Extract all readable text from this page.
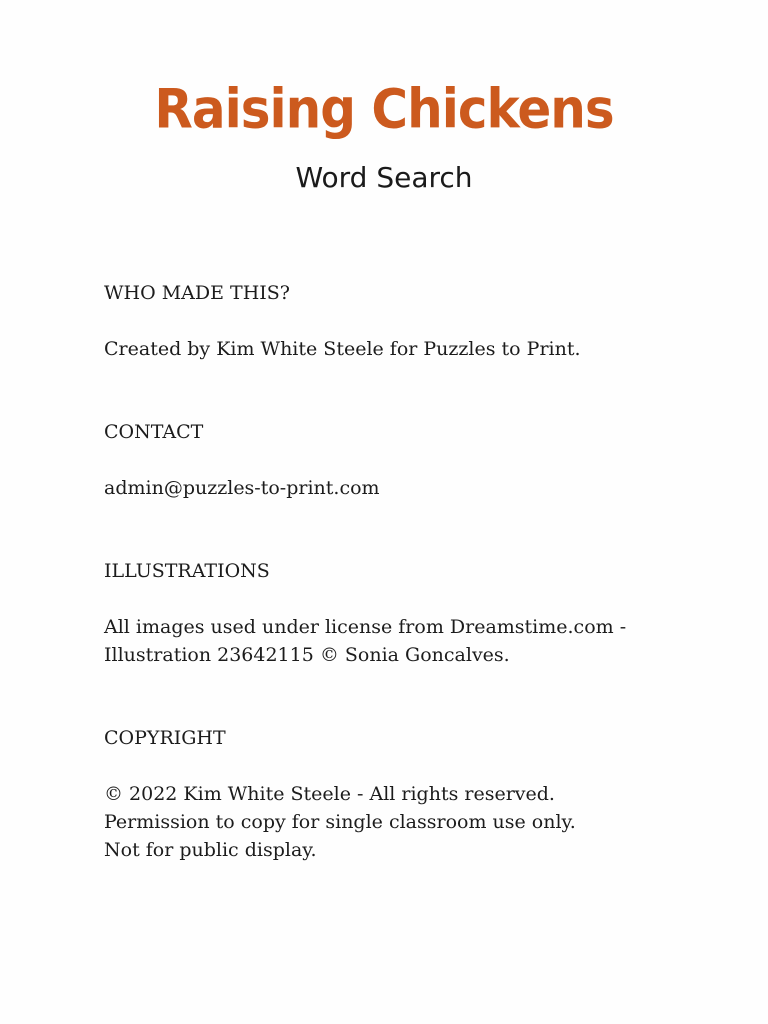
Raising Chickens
Word Search

WHO MADE THIS?

Created by Kim White Steele for Puzzles to Print.

CONTACT

admin@puzzles-to-print.com

ILLUSTRATIONS

All images used under license from Dreamstime.com -

Illustration 23642115 © Sonia Goncalves.

COPYRIGHT

© 2022 Kim White Steele - All rights reserved.

Permission to copy for single classroom use only.

Not for public display.
